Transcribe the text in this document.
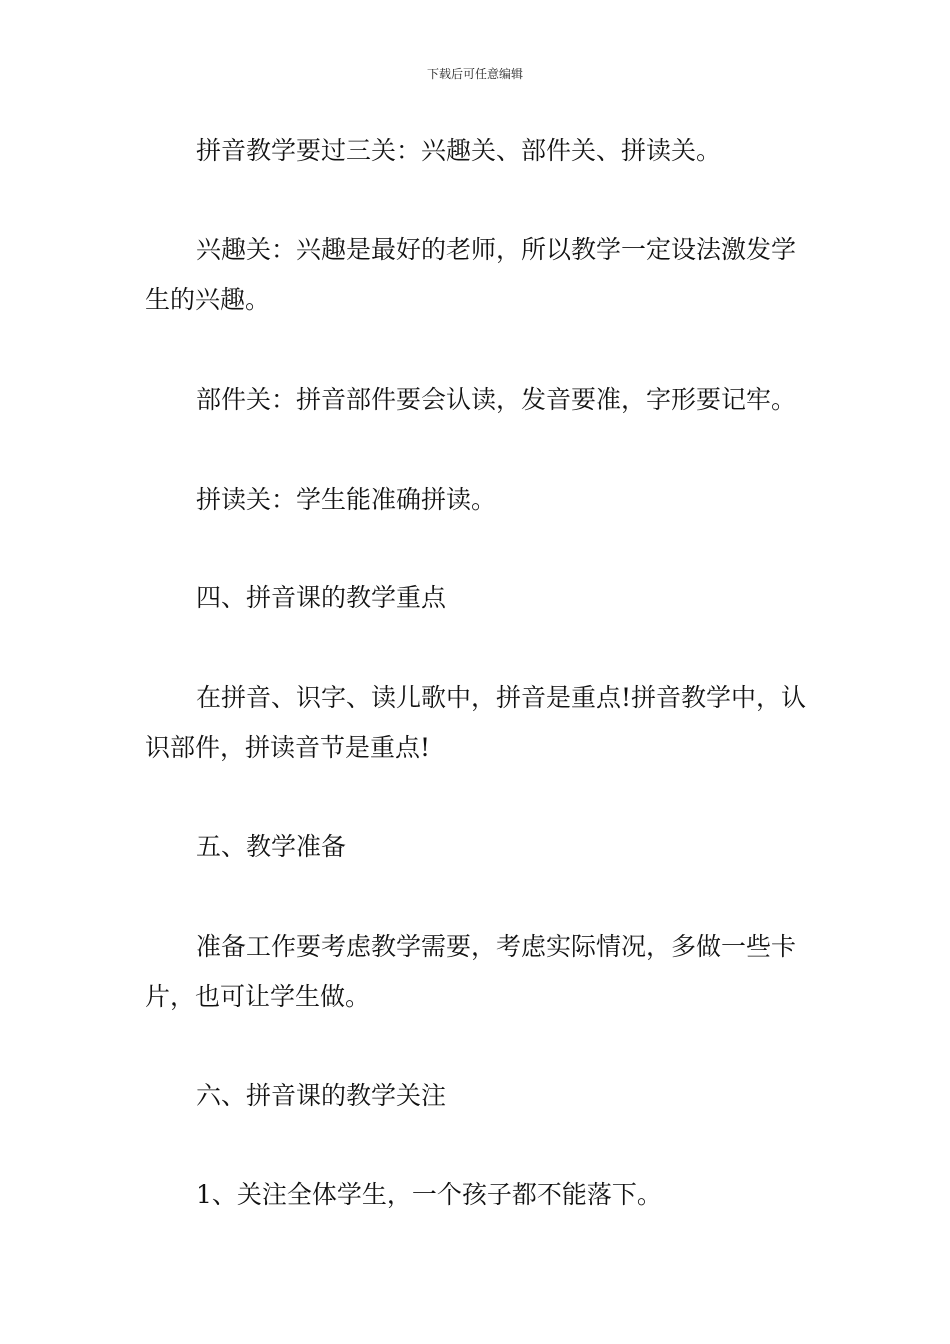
下载后可任意编辑

拼音教学要过三关：兴趣关、部件关、拼读关。

兴趣关：兴趣是最好的老师，所以教学一定设法激发学生的兴趣。

部件关：拼音部件要会认读，发音要准，字形要记牢。

拼读关：学生能准确拼读。

四、拼音课的教学重点

在拼音、识字、读儿歌中，拼音是重点!拼音教学中，认识部件，拼读音节是重点!

五、教学准备

准备工作要考虑教学需要，考虑实际情况，多做一些卡片，也可让学生做。

六、拼音课的教学关注

1、关注全体学生，一个孩子都不能落下。
